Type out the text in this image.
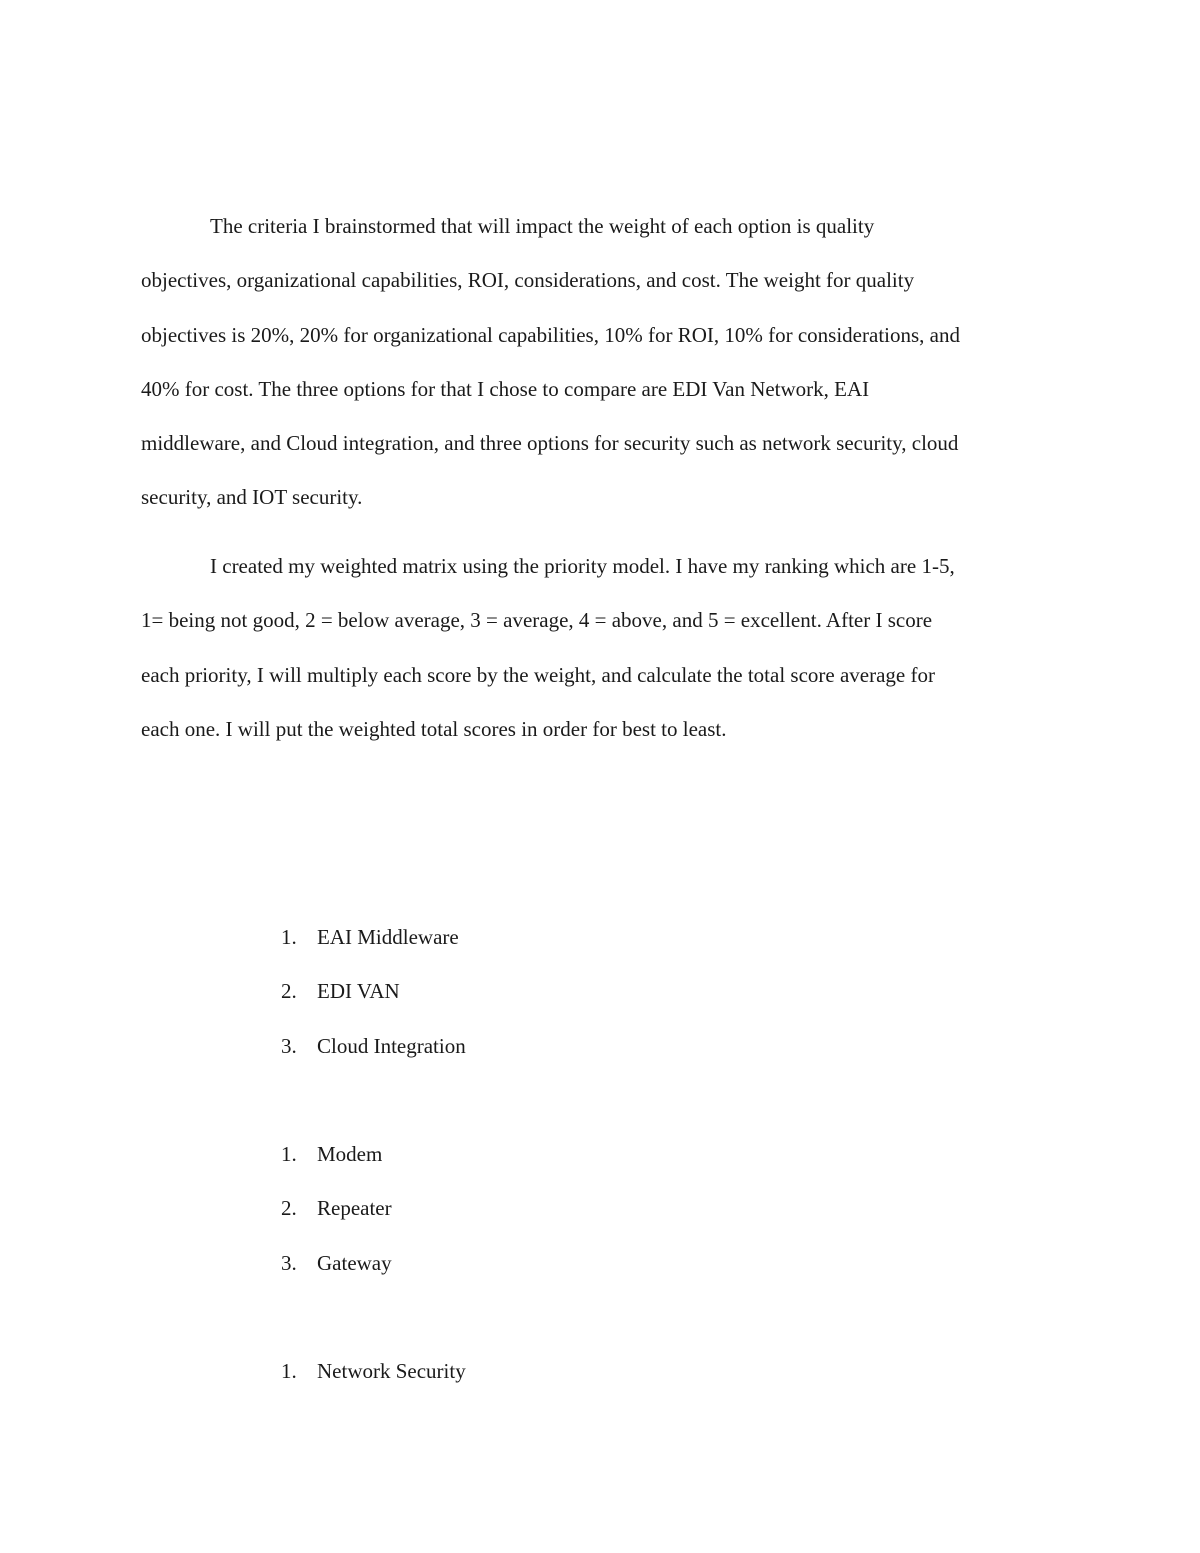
The criteria I brainstormed that will impact the weight of each option is quality
objectives, organizational capabilities, ROI, considerations, and cost. The weight for quality
objectives is 20%, 20% for organizational capabilities, 10% for ROI, 10% for considerations, and
40% for cost. The three options for that I chose to compare are EDI Van Network, EAI
middleware, and Cloud integration, and three options for security such as network security, cloud
security, and IOT security.

I created my weighted matrix using the priority model. I have my ranking which are 1-5,
1= being not good, 2 = below average, 3 = average, 4 = above, and 5 = excellent. After I score
each priority, I will multiply each score by the weight, and calculate the total score average for
each one. I will put the weighted total scores in order for best to least.

1. EAI Middleware
2. EDI VAN
3. Cloud Integration
1. Modem
2. Repeater
3. Gateway
1. Network Security
